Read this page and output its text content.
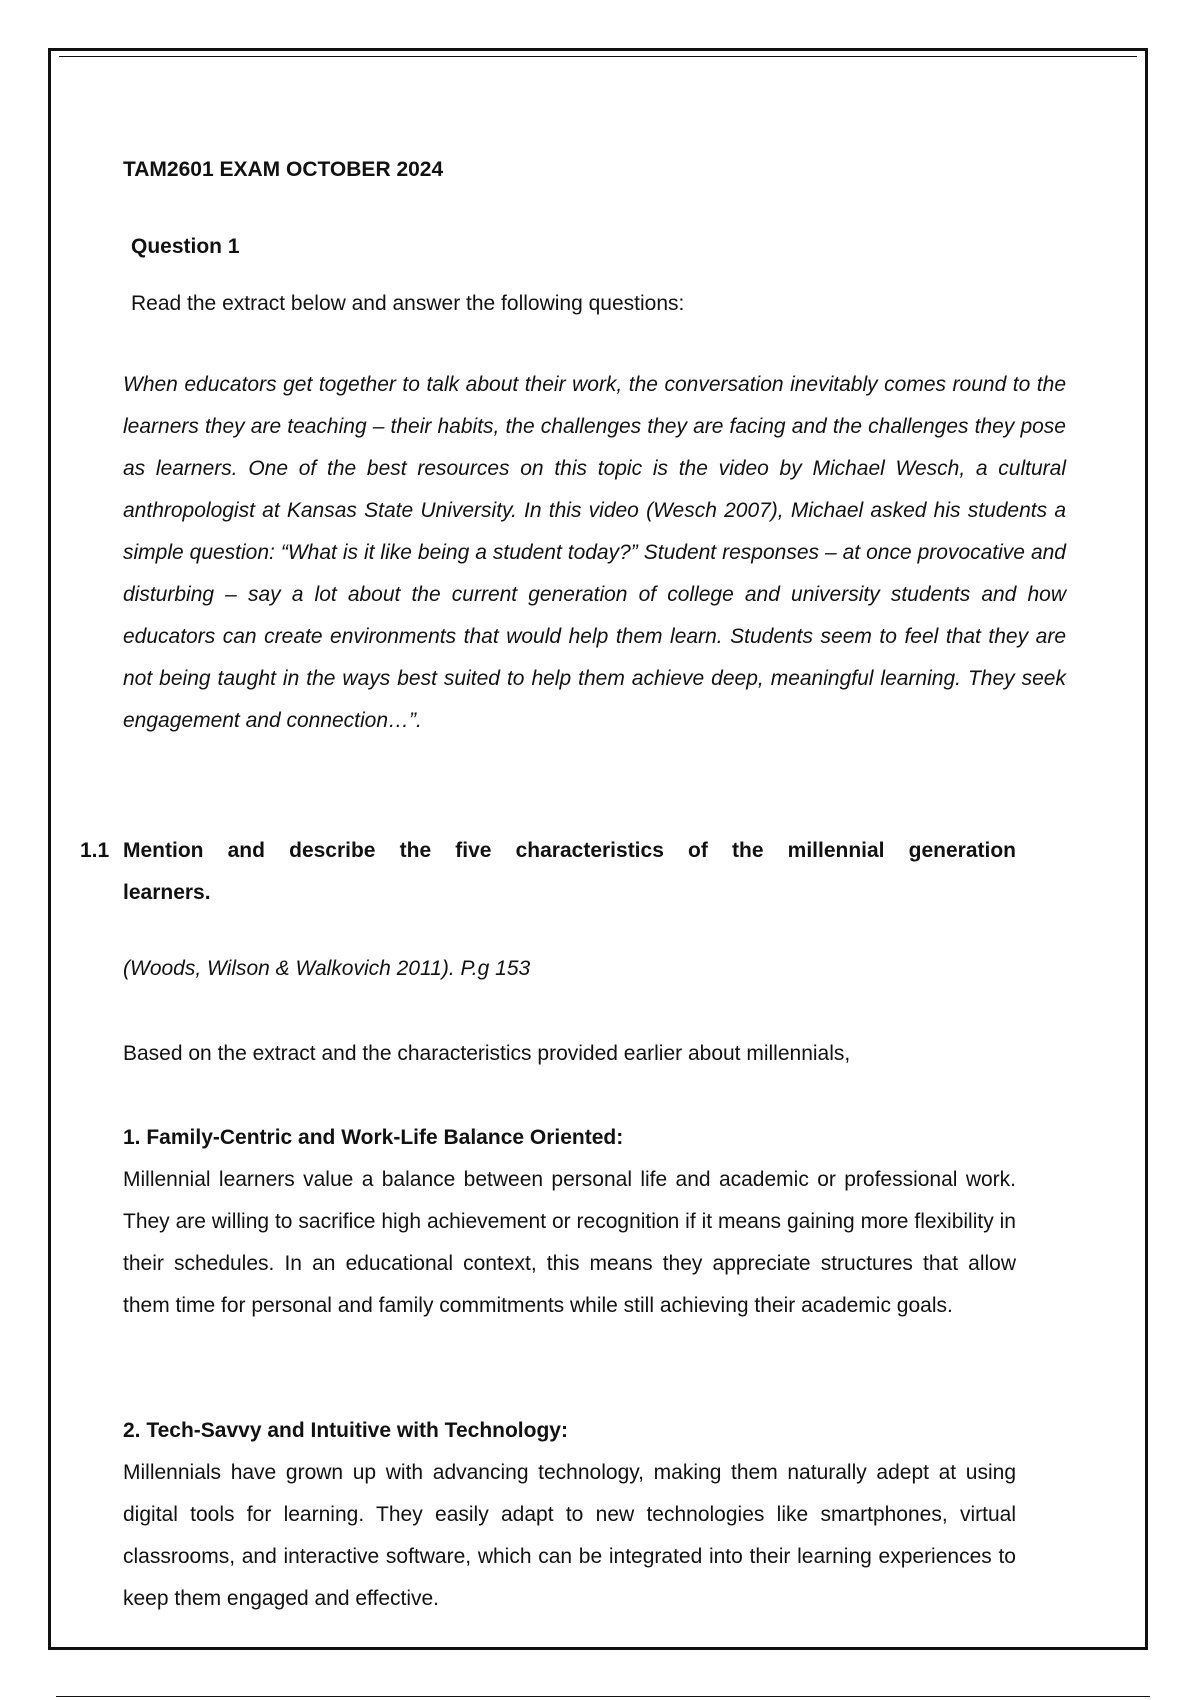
TAM2601 EXAM OCTOBER 2024

Question 1

Read the extract below and answer the following questions:

When educators get together to talk about their work, the conversation inevitably comes round to the learners they are teaching – their habits, the challenges they are facing and the challenges they pose as learners. One of the best resources on this topic is the video by Michael Wesch, a cultural anthropologist at Kansas State University. In this video (Wesch 2007), Michael asked his students a simple question: “What is it like being a student today?” Student responses – at once provocative and disturbing – say a lot about the current generation of college and university students and how educators can create environments that would help them learn. Students seem to feel that they are not being taught in the ways best suited to help them achieve deep, meaningful learning. They seek engagement and connection…”.

1.1 Mention and describe the five characteristics of the millennial generation
learners.

(Woods, Wilson & Walkovich 2011). P.g 153

Based on the extract and the characteristics provided earlier about millennials,

1. Family-Centric and Work-Life Balance Oriented:

Millennial learners value a balance between personal life and academic or professional work. They are willing to sacrifice high achievement or recognition if it means gaining more flexibility in their schedules. In an educational context, this means they appreciate structures that allow them time for personal and family commitments while still achieving their academic goals.

2. Tech-Savvy and Intuitive with Technology:

Millennials have grown up with advancing technology, making them naturally adept at using digital tools for learning. They easily adapt to new technologies like smartphones, virtual classrooms, and interactive software, which can be integrated into their learning experiences to keep them engaged and effective.
